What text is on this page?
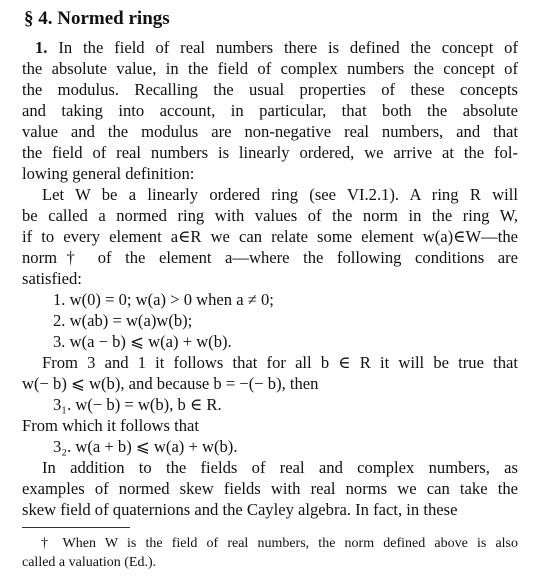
§ 4. Normed rings
1. In the field of real numbers there is defined the concept of
the absolute value, in the field of complex numbers the concept of
the modulus. Recalling the usual properties of these concepts
and taking into account, in particular, that both the absolute
value and the modulus are non-negative real numbers, and that
the field of real numbers is linearly ordered, we arrive at the fol-
lowing general definition:
Let W be a linearly ordered ring (see VI.2.1). A ring R will
be called a normed ring with values of the norm in the ring W,
if to every element a∈R we can relate some element w(a)∈W—the
norm† of the element a—where the following conditions are
satisfied:
1. w(0) = 0; w(a) > 0 when a ≠ 0;
2. w(ab) = w(a)w(b);
3. w(a − b) ⩽ w(a) + w(b).
From 3 and 1 it follows that for all b ∈ R it will be true that
w(− b) ⩽ w(b), and because b = −(− b), then
3₁. w(− b) = w(b), b ∈ R.
From which it follows that
3₂. w(a + b) ⩽ w(a) + w(b).
In addition to the fields of real and complex numbers, as
† When W is the field of real numbers, the norm defined above is also
called a valuation (Ed.).
examples of normed skew fields with real norms we can take the
skew field of quaternions and the Cayley algebra. In fact, in these
